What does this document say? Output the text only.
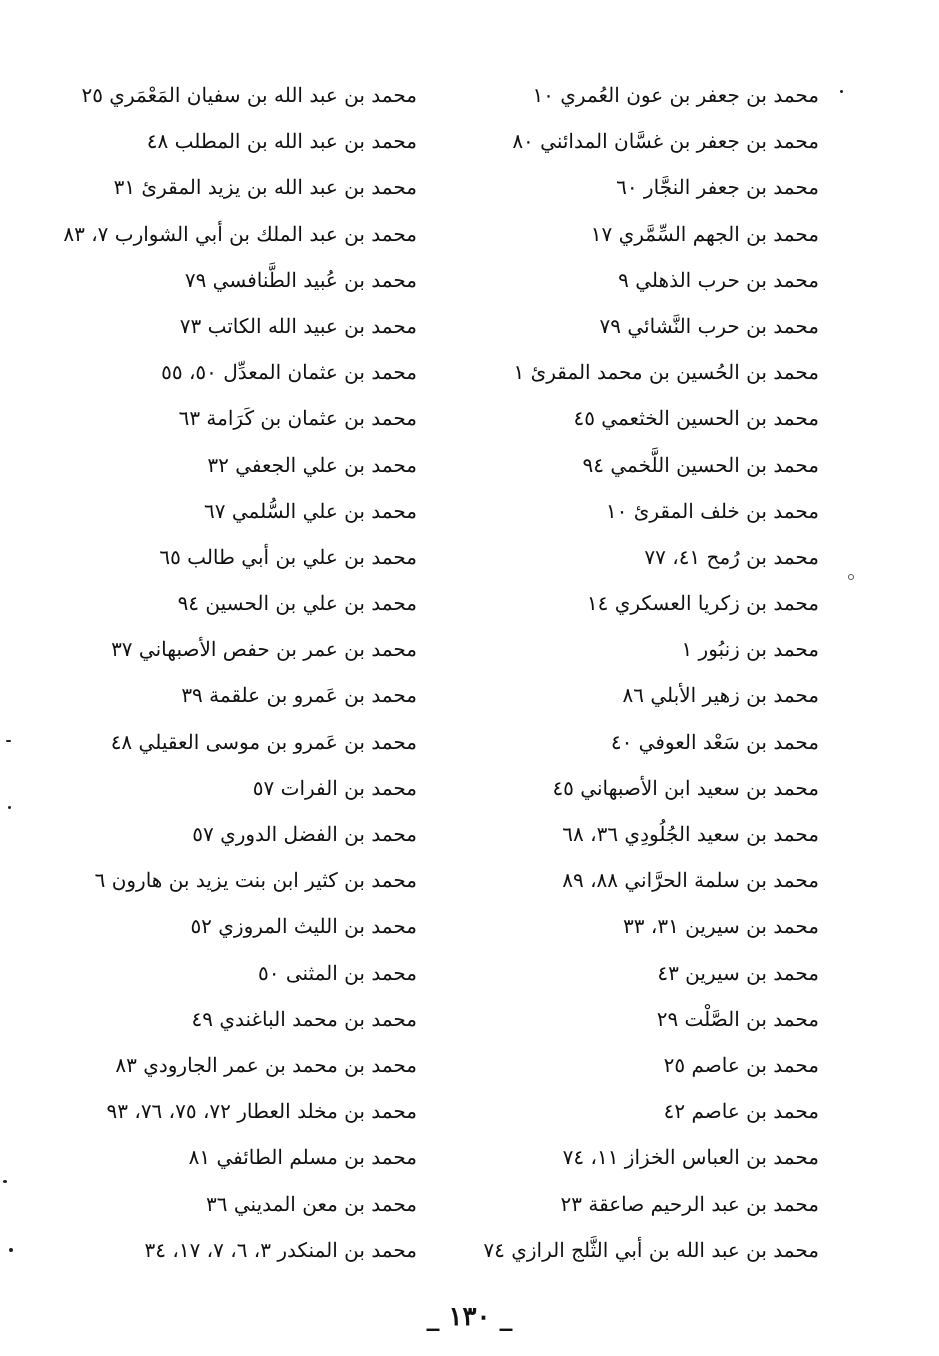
محمد بن جعفر بن عون العُمري ١٠
محمد بن جعفر بن غسَّان المدائني ٨٠
محمد بن جعفر النجَّار ٦٠
محمد بن الجهم السِّمَّري ١٧
محمد بن حرب الذهلي ٩
محمد بن حرب النَّشائي ٧٩
محمد بن الحُسين بن محمد المقرئ ١
محمد بن الحسين الخثعمي ٤٥
محمد بن الحسين اللَّخمي ٩٤
محمد بن خلف المقرئ ١٠
محمد بن رُمح ٤١، ٧٧
محمد بن زكريا العسكري ١٤
محمد بن زنبُور ١
محمد بن زهير الأبلي ٨٦
محمد بن سَعْد العوفي ٤٠
محمد بن سعيد ابن الأصبهاني ٤٥
محمد بن سعيد الجُلُودِي ٣٦، ٦٨
محمد بن سلمة الحرَّاني ٨٨، ٨٩
محمد بن سيرين ٣١، ٣٣
محمد بن سيرين ٤٣
محمد بن الصَّلْت ٢٩
محمد بن عاصم ٢٥
محمد بن عاصم ٤٢
محمد بن العباس الخزاز ١١، ٧٤
محمد بن عبد الرحيم صاعقة ٢٣
محمد بن عبد الله بن أبي الثَّلج الرازي ٧٤
محمد بن عبد الله بن سفيان المَعْمَري ٢٥
محمد بن عبد الله بن المطلب ٤٨
محمد بن عبد الله بن يزيد المقرئ ٣١
محمد بن عبد الملك بن أبي الشوارب ٧، ٨٣
محمد بن عُبيد الطَّنافسي ٧٩
محمد بن عبيد الله الكاتب ٧٣
محمد بن عثمان المعدِّل ٥٠، ٥٥
محمد بن عثمان بن كَرَامة ٦٣
محمد بن علي الجعفي ٣٢
محمد بن علي السُّلمي ٦٧
محمد بن علي بن أبي طالب ٦٥
محمد بن علي بن الحسين ٩٤
محمد بن عمر بن حفص الأصبهاني ٣٧
محمد بن عَمرو بن علقمة ٣٩
محمد بن عَمرو بن موسى العقيلي ٤٨
محمد بن الفرات ٥٧
محمد بن الفضل الدوري ٥٧
محمد بن كثير ابن بنت يزيد بن هارون ٦
محمد بن الليث المروزي ٥٢
محمد بن المثنى ٥٠
محمد بن محمد الباغندي ٤٩
محمد بن محمد بن عمر الجارودي ٨٣
محمد بن مخلد العطار ٧٢، ٧٥، ٧٦، ٩٣
محمد بن مسلم الطائفي ٨١
محمد بن معن المديني ٣٦
محمد بن المنكدر ٣، ٦، ٧، ١٧، ٣٤
_ ١٣٠ _
